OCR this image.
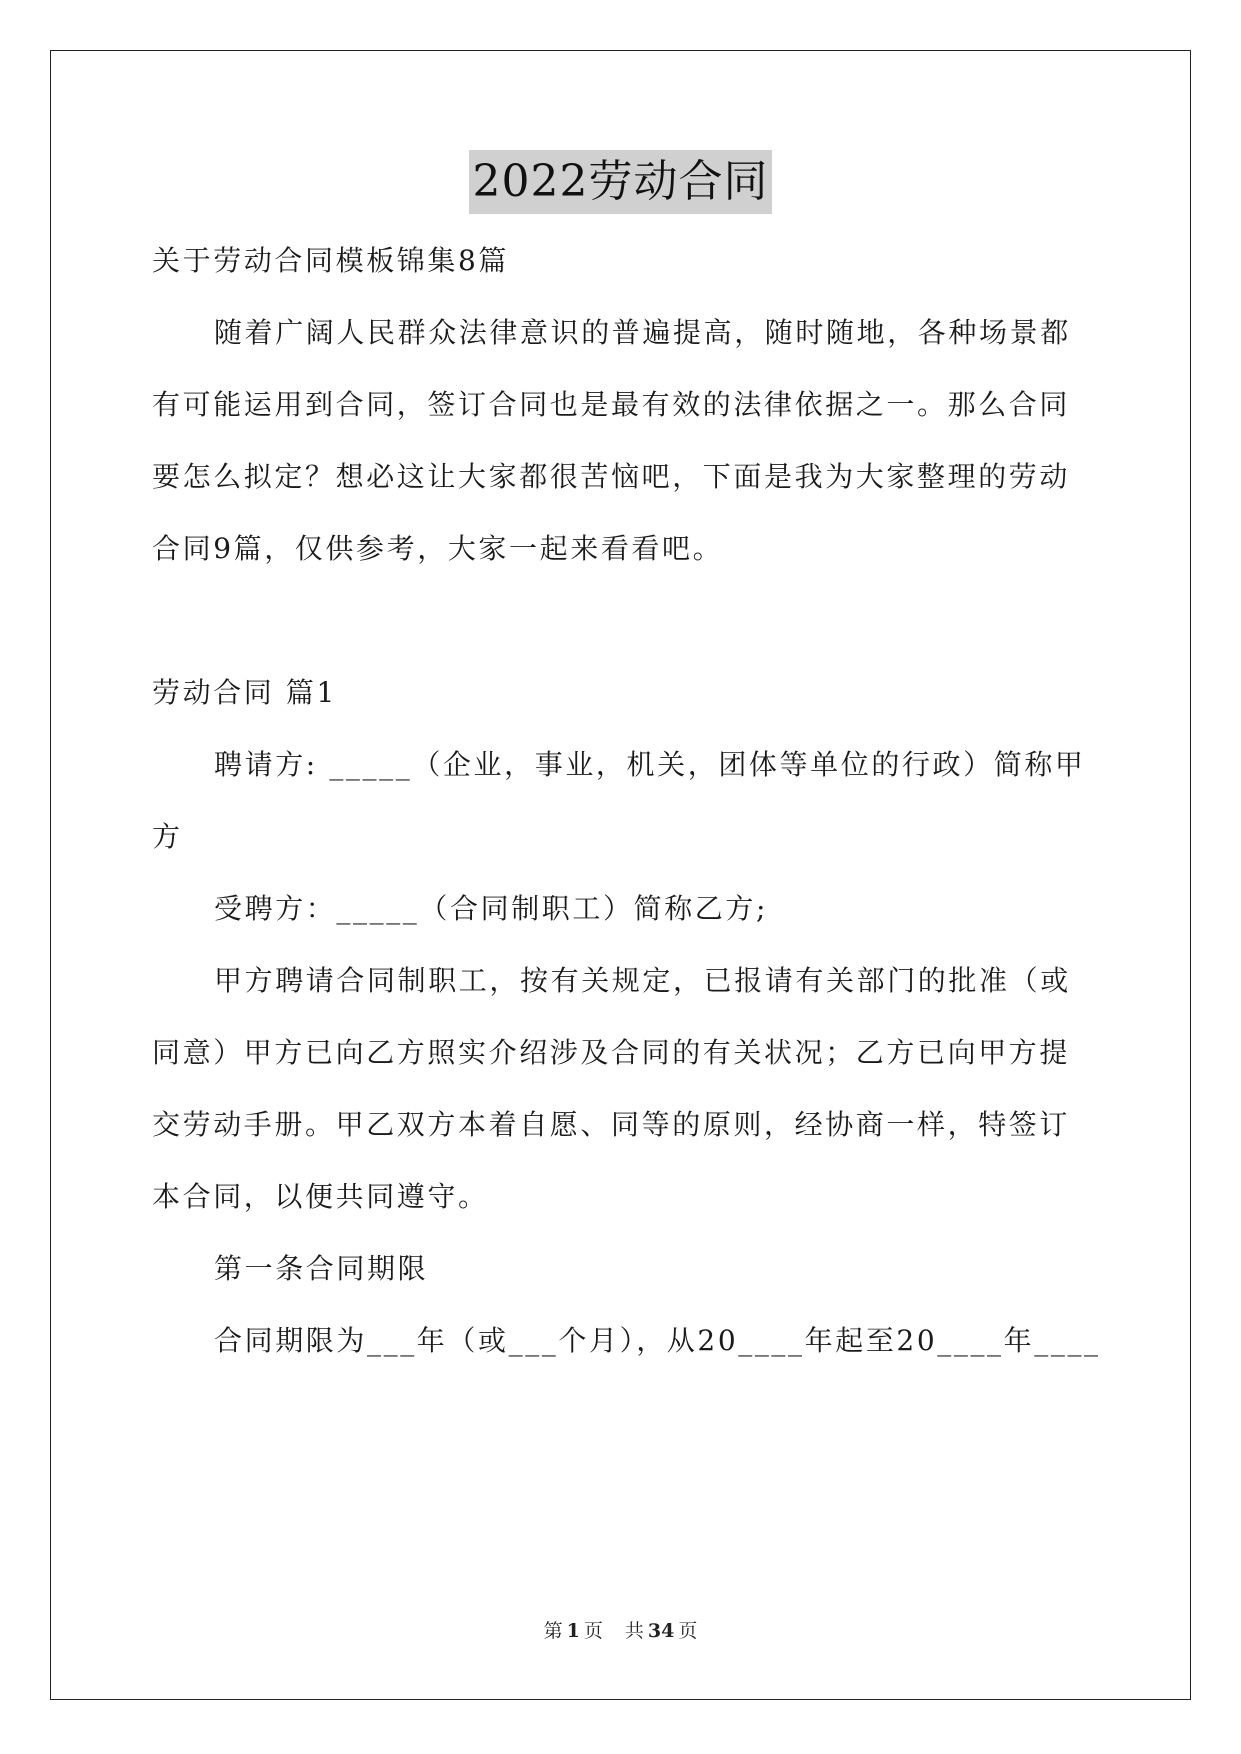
2022劳动合同
关于劳动合同模板锦集8篇
随着广阔人民群众法律意识的普遍提高，随时随地，各种场景都
有可能运用到合同，签订合同也是最有效的法律依据之一。那么合同
要怎么拟定？想必这让大家都很苦恼吧，下面是我为大家整理的劳动
合同9篇，仅供参考，大家一起来看看吧。
劳动合同 篇1
聘请方: _____（企业，事业，机关，团体等单位的行政）简称甲
方
受聘方：_____（合同制职工）简称乙方;
甲方聘请合同制职工，按有关规定，已报请有关部门的批准（或
同意）甲方已向乙方照实介绍涉及合同的有关状况；乙方已向甲方提
交劳动手册。甲乙双方本着自愿、同等的原则，经协商一样，特签订
本合同，以便共同遵守。
第一条合同期限
合同期限为___年（或___个月），从20____年起至20____年____
第 1 页 共 34 页
